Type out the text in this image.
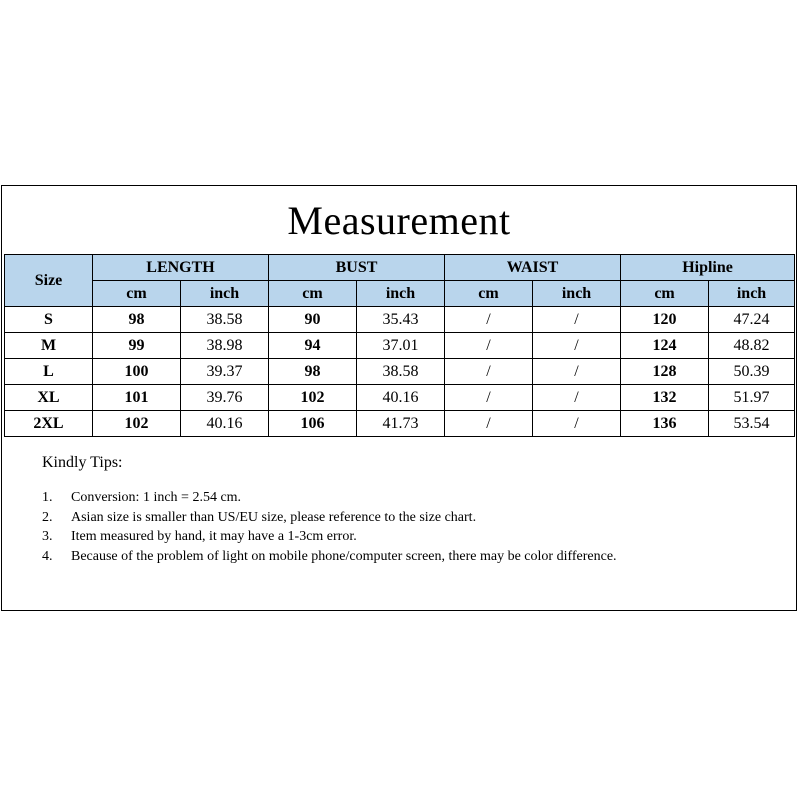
Measurement
Size	LENGTH		BUST		WAIST		Hipline	
	cm	inch	cm	inch	cm	inch	cm	inch
S	98	38.58	90	35.43	/	/	120	47.24
M	99	38.98	94	37.01	/	/	124	48.82
L	100	39.37	98	38.58	/	/	128	50.39
XL	101	39.76	102	40.16	/	/	132	51.97
2XL	102	40.16	106	41.73	/	/	136	53.54
Kindly Tips:
1.	Conversion: 1 inch = 2.54 cm.
2.	Asian size is smaller than US/EU size, please reference to the size chart.
3.	Item measured by hand, it may have a 1-3cm error.
4.	Because of the problem of light on mobile phone/computer screen, there may be color difference.
